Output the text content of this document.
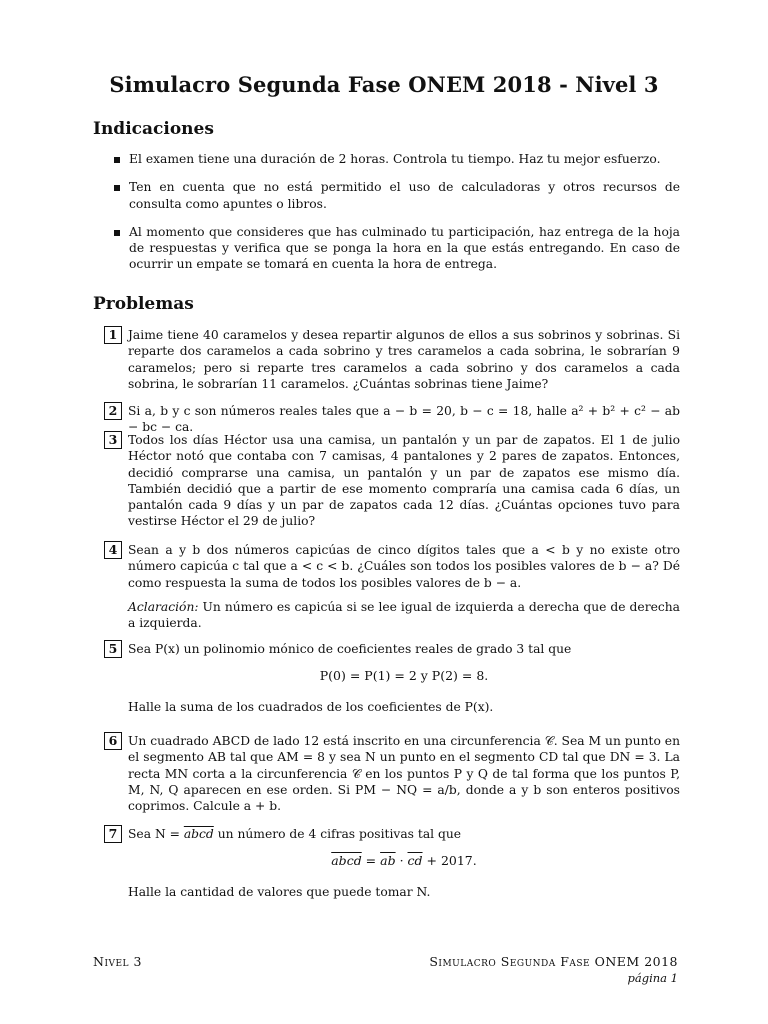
Simulacro Segunda Fase ONEM 2018 - Nivel 3
Indicaciones
El examen tiene una duración de 2 horas. Controla tu tiempo. Haz tu mejor esfuerzo.
Ten en cuenta que no está permitido el uso de calculadoras y otros recursos de consulta como apuntes o libros.
Al momento que consideres que has culminado tu participación, haz entrega de la hoja de respuestas y verifica que se ponga la hora en la que estás entregando. En caso de ocurrir un empate se tomará en cuenta la hora de entrega.
Problemas
1 Jaime tiene 40 caramelos y desea repartir algunos de ellos a sus sobrinos y sobrinas. Si reparte dos caramelos a cada sobrino y tres caramelos a cada sobrina, le sobrarían 9 caramelos; pero si reparte tres caramelos a cada sobrino y dos caramelos a cada sobrina, le sobrarían 11 caramelos. ¿Cuántas sobrinas tiene Jaime?

2 Si a, b y c son números reales tales que a − b = 20, b − c = 18, halle a² + b² + c² − ab − bc − ca.

3 Todos los días Héctor usa una camisa, un pantalón y un par de zapatos. El 1 de julio Héctor notó que contaba con 7 camisas, 4 pantalones y 2 pares de zapatos. Entonces, decidió comprarse una camisa, un pantalón y un par de zapatos ese mismo día. También decidió que a partir de ese momento compraría una camisa cada 6 días, un pantalón cada 9 días y un par de zapatos cada 12 días. ¿Cuántas opciones tuvo para vestirse Héctor el 29 de julio?

4 Sean a y b dos números capicúas de cinco dígitos tales que a < b y no existe otro número capicúa c tal que a < c < b. ¿Cuáles son todos los posibles valores de b − a? Dé como respuesta la suma de todos los posibles valores de b − a.

Aclaración: Un número es capicúa si se lee igual de izquierda a derecha que de derecha a izquierda.

5 Sea P(x) un polinomio mónico de coeficientes reales de grado 3 tal que

P(0) = P(1) = 2 y P(2) = 8.

Halle la suma de los cuadrados de los coeficientes de P(x).

6 Un cuadrado ABCD de lado 12 está inscrito en una circunferencia 𝒞. Sea M un punto en el segmento AB tal que AM = 8 y sea N un punto en el segmento CD tal que DN = 3. La recta MN corta a la circunferencia 𝒞 en los puntos P y Q de tal forma que los puntos P, M, N, Q aparecen en ese orden. Si PM − NQ = a/b, donde a y b son enteros positivos coprimos. Calcule a + b.

7 Sea N = abcd un número de 4 cifras positivas tal que

abcd = $\overline{ab} \cdot \overline{cd} + 2017$.

Halle la cantidad de valores que puede tomar N.

Nivel 3	Simulacro Segunda Fase ONEM 2018
página 1
